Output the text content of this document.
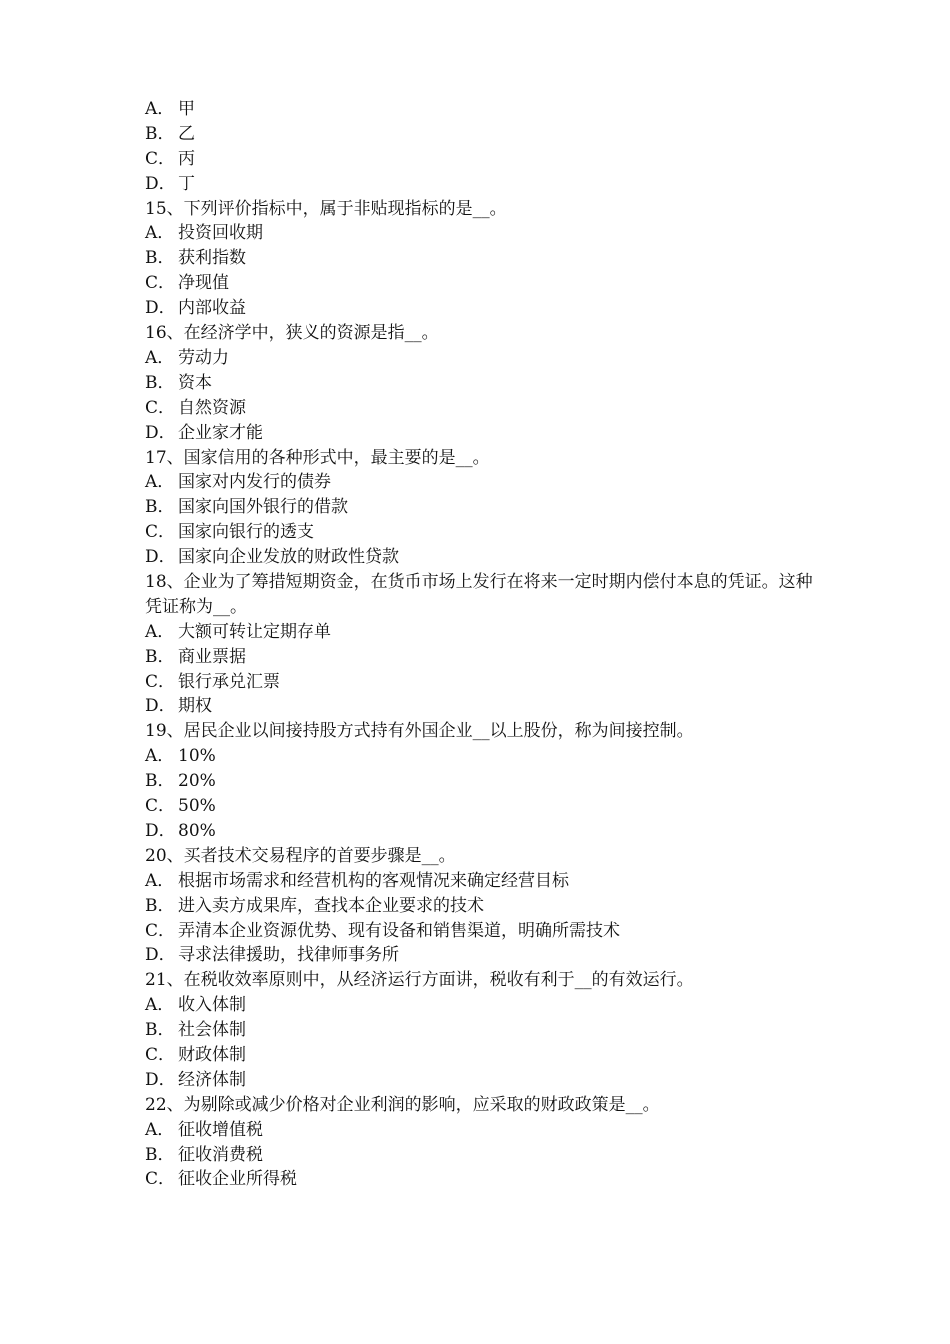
A． 甲
B． 乙
C． 丙
D． 丁
15、下列评价指标中，属于非贴现指标的是__。
A． 投资回收期
B． 获利指数
C． 净现值
D． 内部收益
16、在经济学中，狭义的资源是指__。
A． 劳动力
B． 资本
C． 自然资源
D． 企业家才能
17、国家信用的各种形式中，最主要的是__。
A． 国家对内发行的债券
B． 国家向国外银行的借款
C． 国家向银行的透支
D． 国家向企业发放的财政性贷款
18、企业为了筹措短期资金，在货币市场上发行在将来一定时期内偿付本息的凭证。这种凭证称为__。
A． 大额可转让定期存单
B． 商业票据
C． 银行承兑汇票
D． 期权
19、居民企业以间接持股方式持有外国企业__以上股份，称为间接控制。
A． 10%
B． 20%
C． 50%
D． 80%
20、买者技术交易程序的首要步骤是__。
A． 根据市场需求和经营机构的客观情况来确定经营目标
B． 进入卖方成果库，查找本企业要求的技术
C． 弄清本企业资源优势、现有设备和销售渠道，明确所需技术
D． 寻求法律援助，找律师事务所
21、在税收效率原则中，从经济运行方面讲，税收有利于__的有效运行。
A． 收入体制
B． 社会体制
C． 财政体制
D． 经济体制
22、为剔除或减少价格对企业利润的影响，应采取的财政政策是__。
A． 征收增值税
B． 征收消费税
C． 征收企业所得税
